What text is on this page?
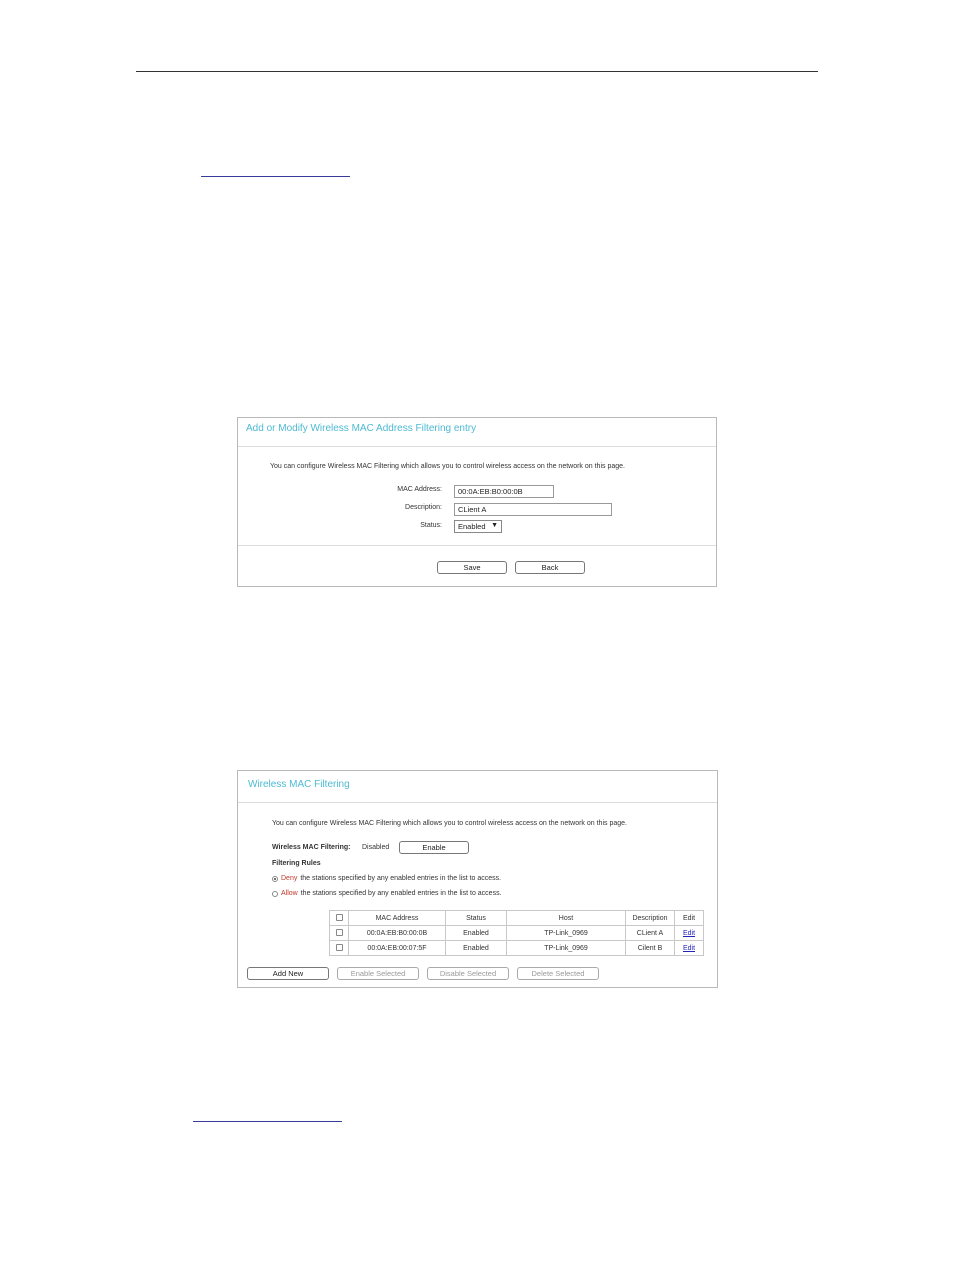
Add or Modify Wireless MAC Address Filtering entry
You can configure Wireless MAC Filtering which allows you to control wireless access on the network on this page.
MAC Address:	00:0A:EB:B0:00:0B
Description:	CLient A
Status:	Enabled ▼
Save	Back
Wireless MAC Filtering
You can configure Wireless MAC Filtering which allows you to control wireless access on the network on this page.
Wireless MAC Filtering: Disabled	Enable
Filtering Rules
Deny the stations specified by any enabled entries in the list to access.
Allow the stations specified by any enabled entries in the list to access.
	MAC Address	Status	Host	Description	Edit
	00:0A:EB:B0:00:0B	Enabled	TP-Link_0969	CLient A	Edit
	00:0A:EB:00:07:5F	Enabled	TP-Link_0969	Cilent B	Edit
Add New	Enable Selected	Disable Selected	Delete Selected
